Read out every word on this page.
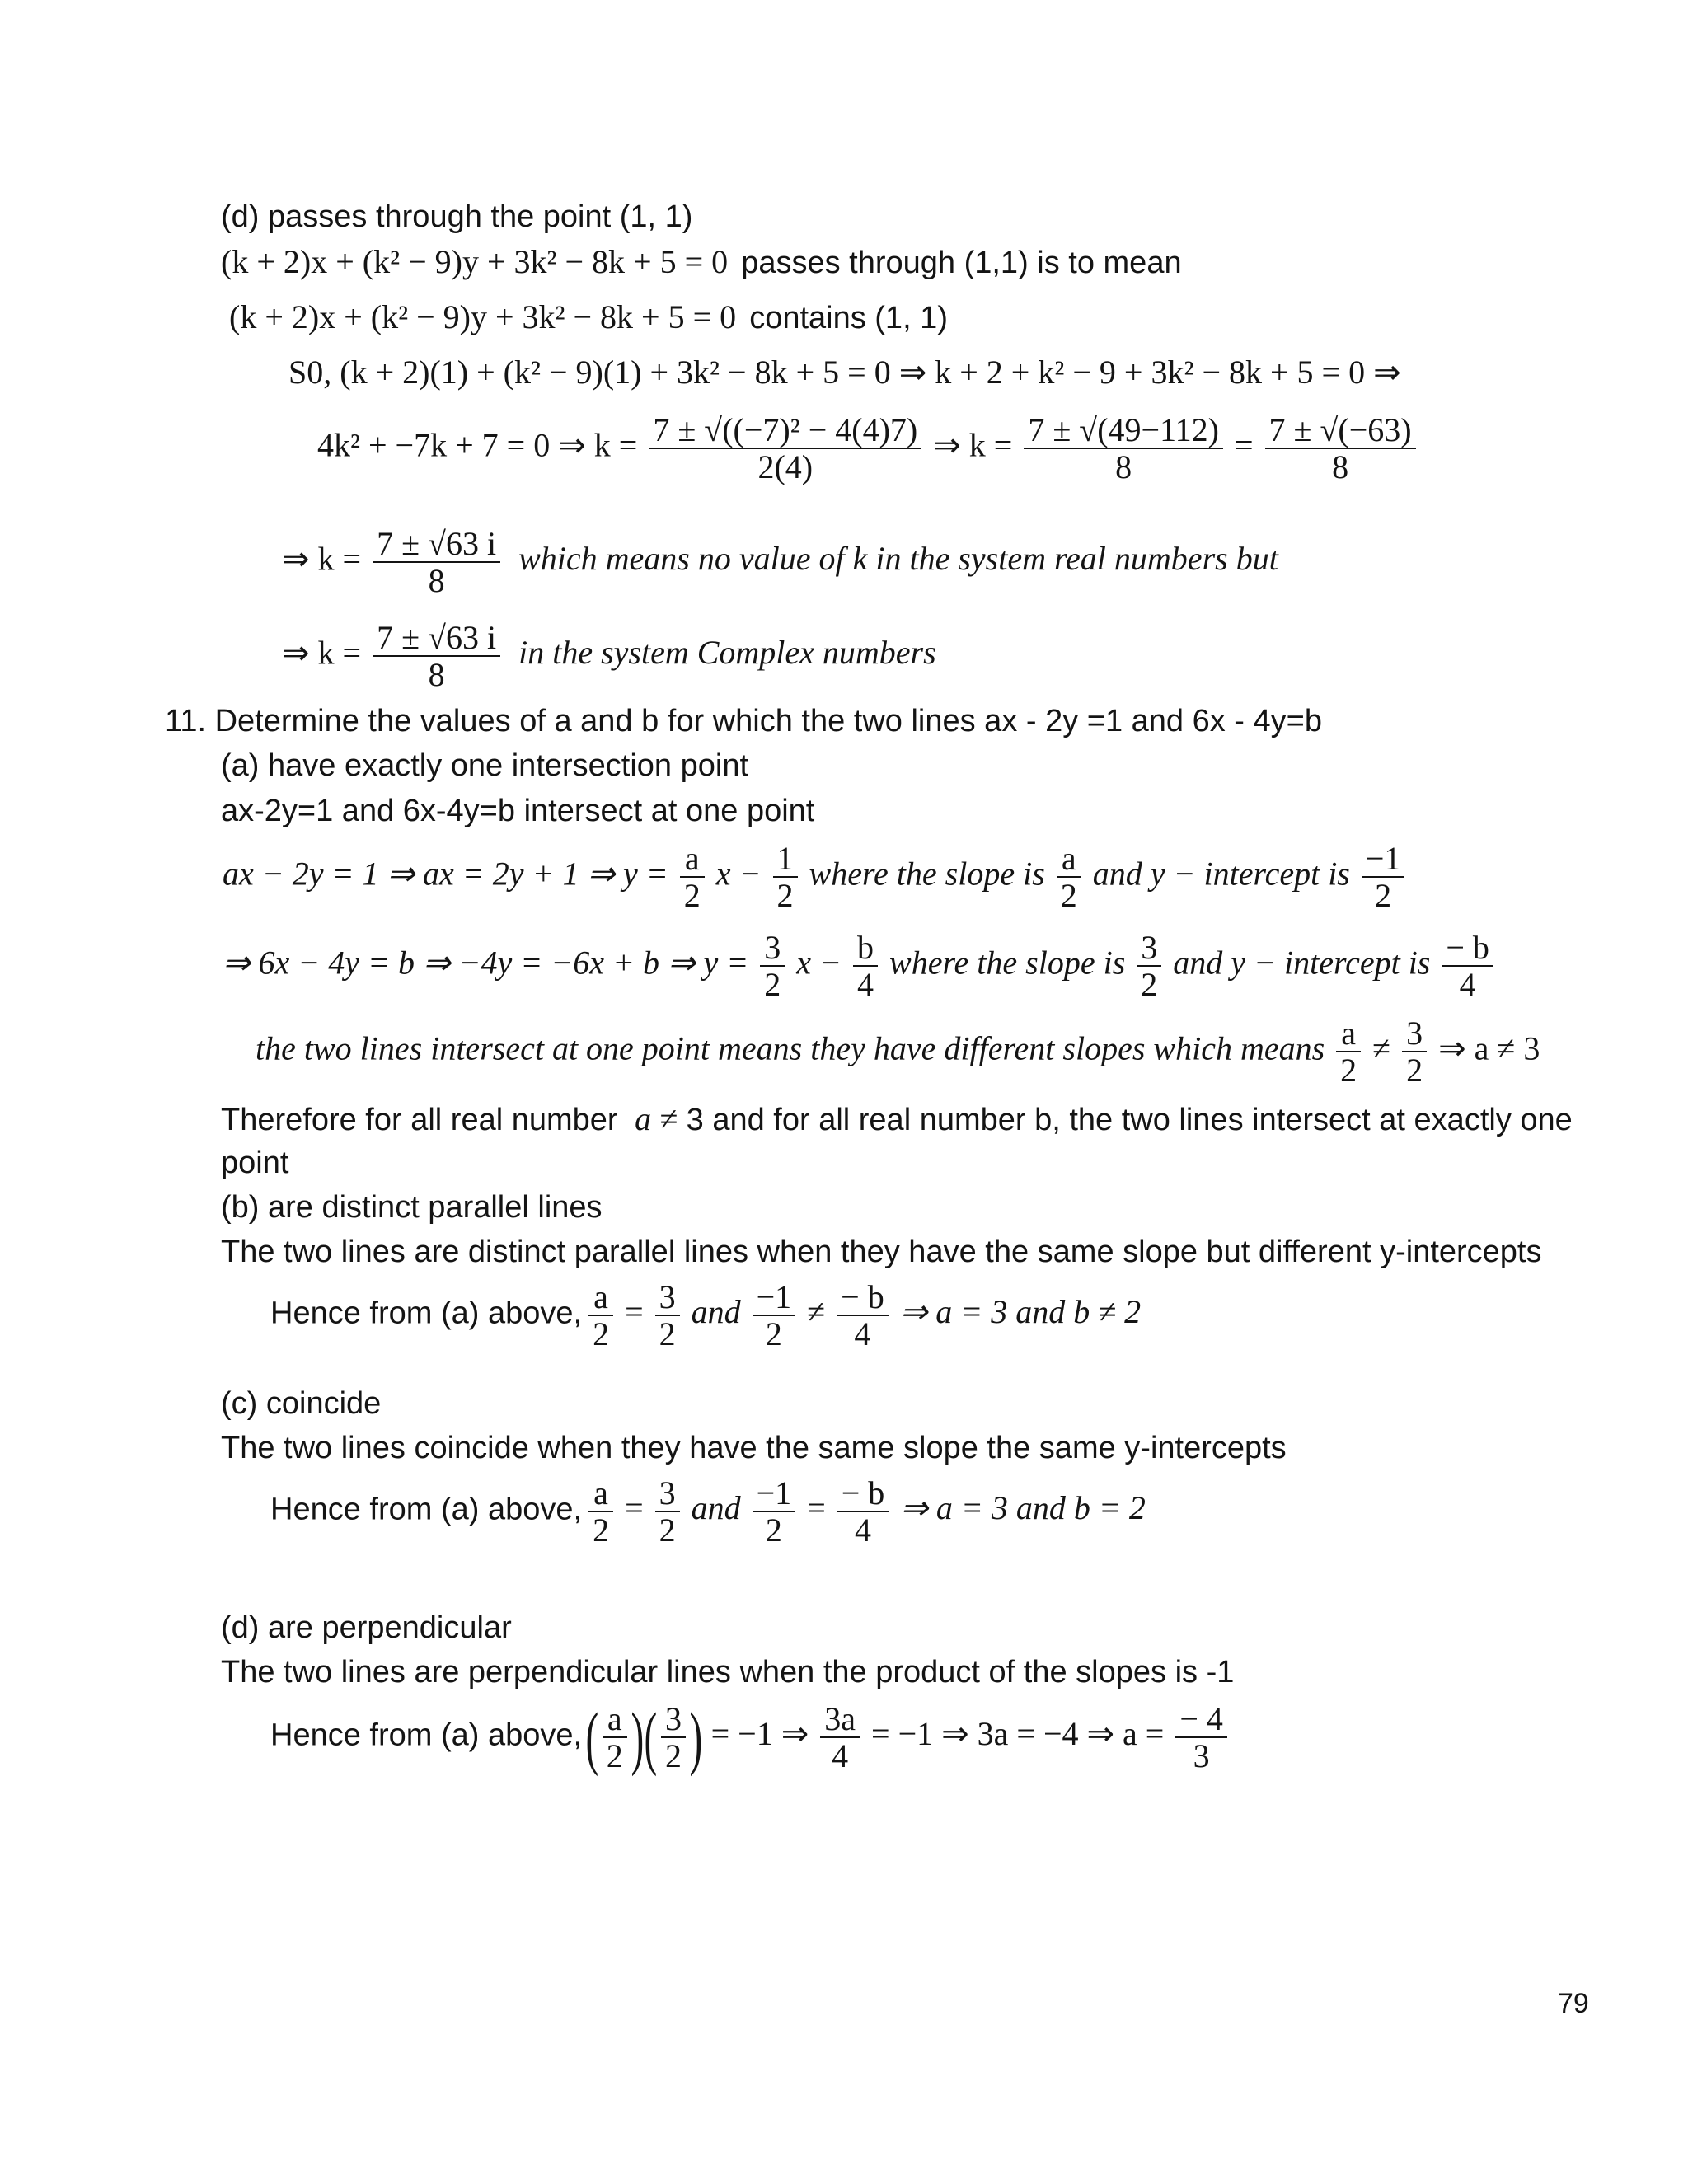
(d) passes through the point (1, 1)
(k + 2)x + (k² − 9)y + 3k² − 8k + 5 = 0 passes through (1,1) is to mean
(k + 2)x + (k² − 9)y + 3k² − 8k + 5 = 0 contains (1, 1)
S0, (k + 2)(1) + (k² − 9)(1) + 3k² − 8k + 5 = 0 ⇒ k + 2 + k² − 9 + 3k² − 8k + 5 = 0 ⇒
4k² + −7k + 7 = 0 ⇒ $k = \frac{\text{7 ± √((−7)² − 4(4)7)}}{2(4)}$ ⇒ $k = \frac{7 \pm √(49-112)}{8} = \frac{7 \pm √(-63)}{8}$
⇒ $k = \frac{7 \pm √63 i}{8}$ which means no value of k in the system real numbers but
⇒ $k = \frac{7 \pm √63 i}{8}$ in the system Complex numbers
11. Determine the values of a and b for which the two lines ax - 2y =1 and 6x - 4y=b
(a) have exactly one intersection point
ax-2y=1 and 6x-4y=b intersect at one point
ax − 2y = 1 ⇒ ax = 2y + 1 ⇒ $y = \frac{a}{2}$ $x - \frac{1}{2}$ where the slope is $\frac{a}{2}$ and y − intercept is $\frac{-1}{2}$
⇒ 6x − 4y = b ⇒ −4y = −6x + b ⇒ $y = \frac{3}{2}$ $x - \frac{b}{4}$ where the slope is $\frac{3}{2}$ and y − intercept is $\frac{- b}{4}$
the two lines intersect at one point means they have different slopes which means $\frac{a}{2} \ne \frac{3}{2}$ ⇒ a ≠ 3
Therefore for all real number a ≠ 3 and for all real number b, the two lines intersect at exactly one
point
(b) are distinct parallel lines
The two lines are distinct parallel lines when they have the same slope but different y-intercepts
Hence from (a) above, $\frac{a}{2} = \frac{3}{2}$ and $\frac{-1}{2} \ne \frac{- b}{4}$ ⇒ a = 3 and b ≠ 2
(c) coincide
The two lines coincide when they have the same slope the same y-intercepts
Hence from (a) above, $\frac{a}{2} = \frac{3}{2}$ and $\frac{-1}{2} = \frac{- b}{4}$ ⇒ a = 3 and b = 2
(d) are perpendicular
The two lines are perpendicular lines when the product of the slopes is -1
Hence from (a) above, ( $\frac{a}{2}$ )( $\frac{3}{2}$ ) = −1 ⇒ $\frac{3a}{4} = -1$ ⇒ 3a = −4 ⇒ $a = \frac{- 4}{3}$
79
